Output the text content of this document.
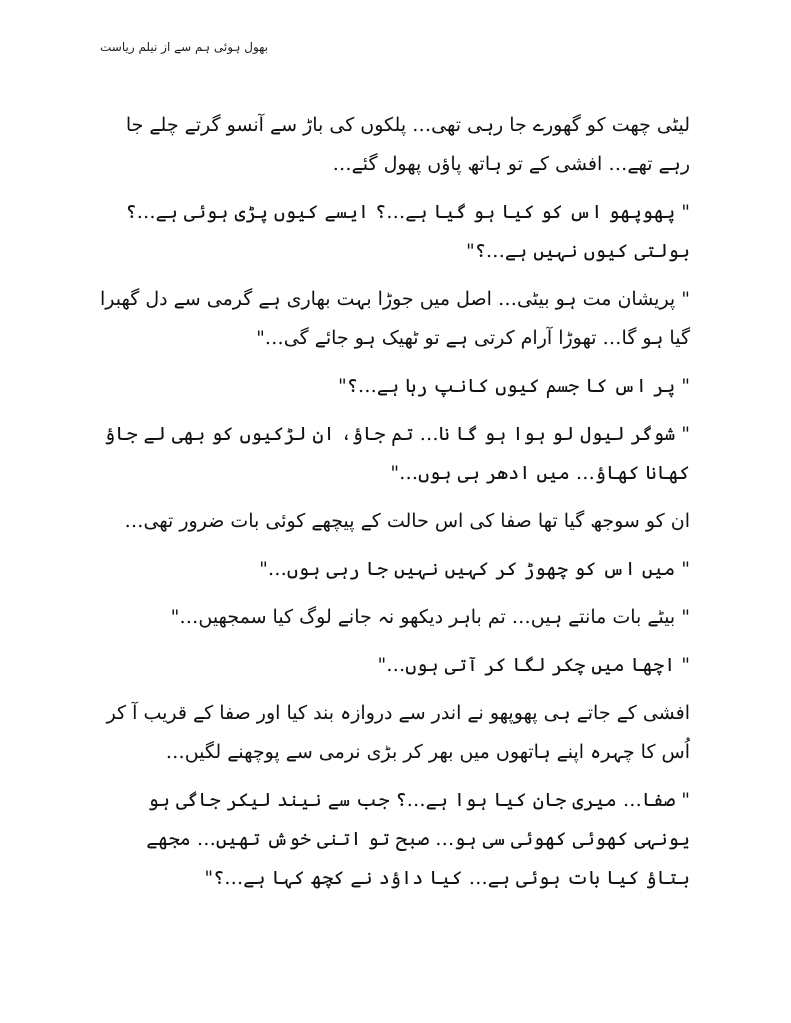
بھول ہوئی ہم سے از نیلم ریاست

لیٹی چھت کو گھورے جا رہی تھی… پلکوں کی باڑ سے آنسو گرتے چلے جا رہے تھے… افشی کے تو ہاتھ پاؤں پھول گئے…

" پھوپھو اس کو کیا ہو گیا ہے…؟ ایسے کیوں پڑی ہوئی ہے…؟ بولتی کیوں نہیں ہے…؟"

" پریشان مت ہو بیٹی… اصل میں جوڑا بہت بھاری ہے گرمی سے دل گھبرا گیا ہو گا… تھوڑا آرام کرتی ہے تو ٹھیک ہو جائے گی…"

" پر اس کا جسم کیوں کانپ رہا ہے…؟"

" شوگر لیول لو ہوا ہو گا نا… تم جاؤ، ان لڑکیوں کو بھی لے جاؤ کھانا کھاؤ… میں ادھر ہی ہوں…"

ان کو سوجھ گیا تھا صفا کی اس حالت کے پیچھے کوئی بات ضرور تھی…

" میں اس کو چھوڑ کر کہیں نہیں جا رہی ہوں…"

" بیٹے بات مانتے ہیں… تم باہر دیکھو نہ جانے لوگ کیا سمجھیں…"

" اچھا میں چکر لگا کر آتی ہوں…"

افشی کے جاتے ہی پھوپھو نے اندر سے دروازہ بند کیا اور صفا کے قریب آ کر اُس کا چہرہ اپنے ہاتھوں میں بھر کر بڑی نرمی سے پوچھنے لگیں…

" صفا… میری جان کیا ہوا ہے…؟ جب سے نیند لیکر جاگی ہو یونہی کھوئی کھوئی سی ہو… صبح تو اتنی خوش تھیں… مجھے بتاؤ کیا بات ہوئی ہے… کیا داؤد نے کچھ کہا ہے…؟"
